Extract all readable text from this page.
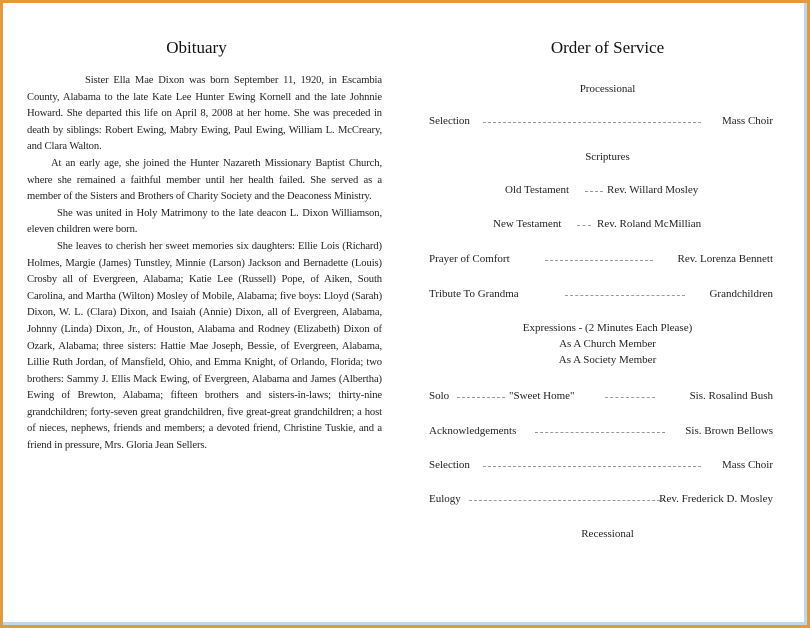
Obituary

Sister Ella Mae Dixon was born September 11, 1920, in Escambia County, Alabama to the late Kate Lee Hunter Ewing Kornell and the late Johnnie Howard. She departed this life on April 8, 2008 at her home. She was preceded in death by siblings: Robert Ewing, Mabry Ewing, Paul Ewing, William L. McCreary, and Clara Walton.

At an early age, she joined the Hunter Nazareth Missionary Baptist Church, where she remained a faithful member until her health failed. She served as a member of the Sisters and Brothers of Charity Society and the Deaconess Ministry.

She was united in Holy Matrimony to the late deacon L. Dixon Williamson, eleven children were born.

She leaves to cherish her sweet memories six daughters: Ellie Lois (Richard) Holmes, Margie (James) Tunstley, Minnie (Larson) Jackson and Bernadette (Louis) Crosby all of Evergreen, Alabama; Katie Lee (Russell) Pope, of Aiken, South Carolina, and Martha (Wilton) Mosley of Mobile, Alabama; five boys: Lloyd (Sarah) Dixon, W. L. (Clara) Dixon, and Isaiah (Annie) Dixon, all of Evergreen, Alabama, Johnny (Linda) Dixon, Jr., of Houston, Alabama and Rodney (Elizabeth) Dixon of Ozark, Alabama; three sisters: Hattie Mae Joseph, Bessie, of Evergreen, Alabama, Lillie Ruth Jordan, of Mansfield, Ohio, and Emma Knight, of Orlando, Florida; two brothers: Sammy J. Ellis Mack Ewing, of Evergreen, Alabama and James (Albertha) Ewing of Brewton, Alabama; fifteen brothers and sisters-in-laws; thirty-nine grandchildren; forty-seven great grandchildren, five great-great grandchildren; a host of nieces, nephews, friends and members; a devoted friend, Christine Tuskie, and a friend in pressure, Mrs. Gloria Jean Sellers.

Order of Service
Processional
Selection	Mass Choir
Scriptures
Old Testament	Rev. Willard Mosley
New Testament	Rev. Roland McMillian
Prayer of Comfort	Rev. Lorenza Bennett
Tribute To Grandma	Grandchildren
Expressions - (2 Minutes Each Please)
As A Church Member
As A Society Member
Solo	"Sweet Home"	Sis. Rosalind Bush
Acknowledgements	Sis. Brown Bellows
Selection	Mass Choir
Eulogy	Rev. Frederick D. Mosley
Recessional
